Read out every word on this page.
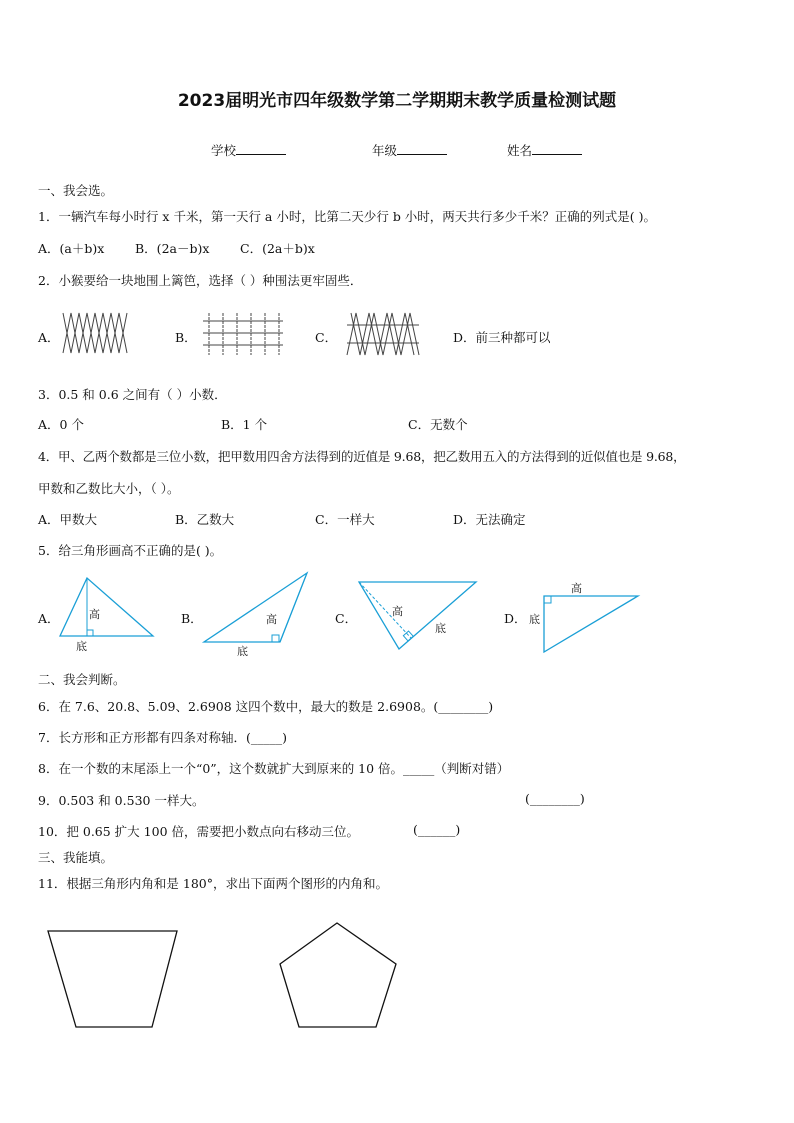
2023届明光市四年级数学第二学期期末教学质量检测试题
学校	年级	姓名
一、我会选。
1．一辆汽车每小时行 x 千米，第一天行 a 小时，比第二天少行 b 小时，两天共行多少千米？正确的列式是( )。
A．(a＋b)x B．(2a－b)x C．(2a＋b)x
2．小猴要给一块地围上篱笆，选择（ ）种围法更牢固些．
A．	B．	C．	D．前三种都可以
3．0.5 和 0.6 之间有（ ）小数．
A．0 个	B．1 个	C．无数个
4．甲、乙两个数都是三位小数，把甲数用四舍方法得到的近值是 9.68，把乙数用五入的方法得到的近似值也是 9.68，
甲数和乙数比大小，（ ）。
A．甲数大	B．乙数大	C．一样大	D．无法确定
5．给三角形画高不正确的是( )。
A．	B．	C．	D．
高
底
高
底
高
底
高
底
二、我会判断。
6．在 7.6、20.8、5.09、2.6908 这四个数中，最大的数是 2.6908。(________)
7．长方形和正方形都有四条对称轴．(_____)
8．在一个数的末尾添上一个“0”，这个数就扩大到原来的 10 倍。_____（判断对错）
9．0.503 和 0.530 一样大。	(________)
10．把 0.65 扩大 100 倍，需要把小数点向右移动三位。	(______)
三、我能填。
11．根据三角形内角和是 180°，求出下面两个图形的内角和。
